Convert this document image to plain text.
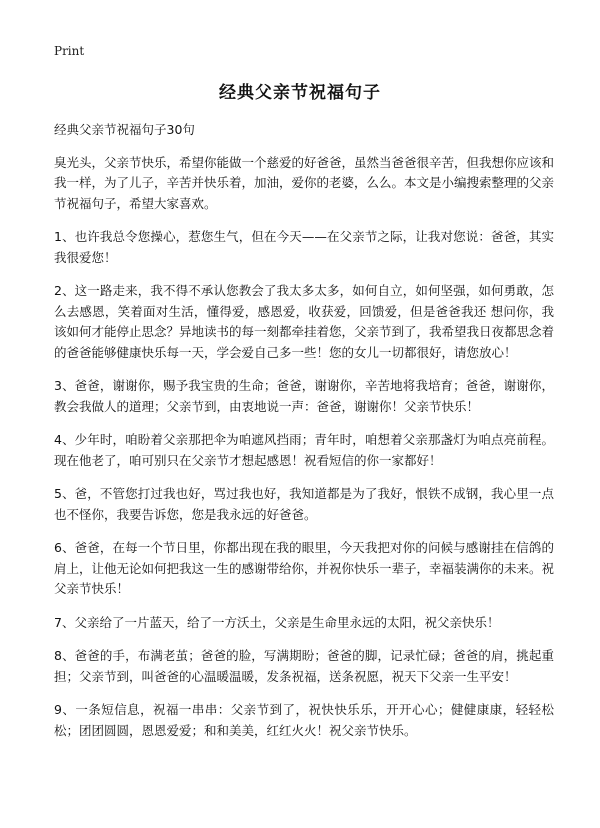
Print
经典父亲节祝福句子

经典父亲节祝福句子30句

臭光头，父亲节快乐，希望你能做一个慈爱的好爸爸，虽然当爸爸很辛苦，但我想你应该和我一样，为了儿子，辛苦并快乐着，加油，爱你的老婆，么么。本文是小编搜索整理的父亲节祝福句子，希望大家喜欢。

1、也许我总令您操心，惹您生气，但在今天——在父亲节之际，让我对您说：爸爸，其实我很爱您！

2、这一路走来，我不得不承认您教会了我太多太多，如何自立，如何坚强，如何勇敢，怎么去感恩，笑着面对生活，懂得爱，感恩爱，收获爱，回馈爱，但是爸爸我还 想问你，我该如何才能停止思念？异地读书的每一刻都牵挂着您，父亲节到了，我希望我日夜都思念着的爸爸能够健康快乐每一天，学会爱自己多一些！您的女儿一切都很好，请您放心！

3、爸爸，谢谢你，赐予我宝贵的生命；爸爸，谢谢你，辛苦地将我培育；爸爸，谢谢你，教会我做人的道理；父亲节到，由衷地说一声：爸爸，谢谢你！父亲节快乐！

4、少年时，咱盼着父亲那把伞为咱遮风挡雨；青年时，咱想着父亲那盏灯为咱点亮前程。现在他老了，咱可别只在父亲节才想起感恩！祝看短信的你一家都好！

5、爸，不管您打过我也好，骂过我也好，我知道都是为了我好，恨铁不成钢，我心里一点也不怪你，我要告诉您，您是我永远的好爸爸。

6、爸爸，在每一个节日里，你都出现在我的眼里，今天我把对你的问候与感谢挂在信鸽的肩上，让他无论如何把我这一生的感谢带给你，并祝你快乐一辈子，幸福装满你的未来。祝父亲节快乐！

7、父亲给了一片蓝天，给了一方沃土，父亲是生命里永远的太阳，祝父亲快乐！

8、爸爸的手，布满老茧；爸爸的脸，写满期盼；爸爸的脚，记录忙碌；爸爸的肩，挑起重担；父亲节到，叫爸爸的心温暖温暖，发条祝福，送条祝愿，祝天下父亲一生平安！

9、一条短信息，祝福一串串：父亲节到了，祝快快乐乐，开开心心；健健康康，轻轻松松；团团圆圆，恩恩爱爱；和和美美，红红火火！祝父亲节快乐。
